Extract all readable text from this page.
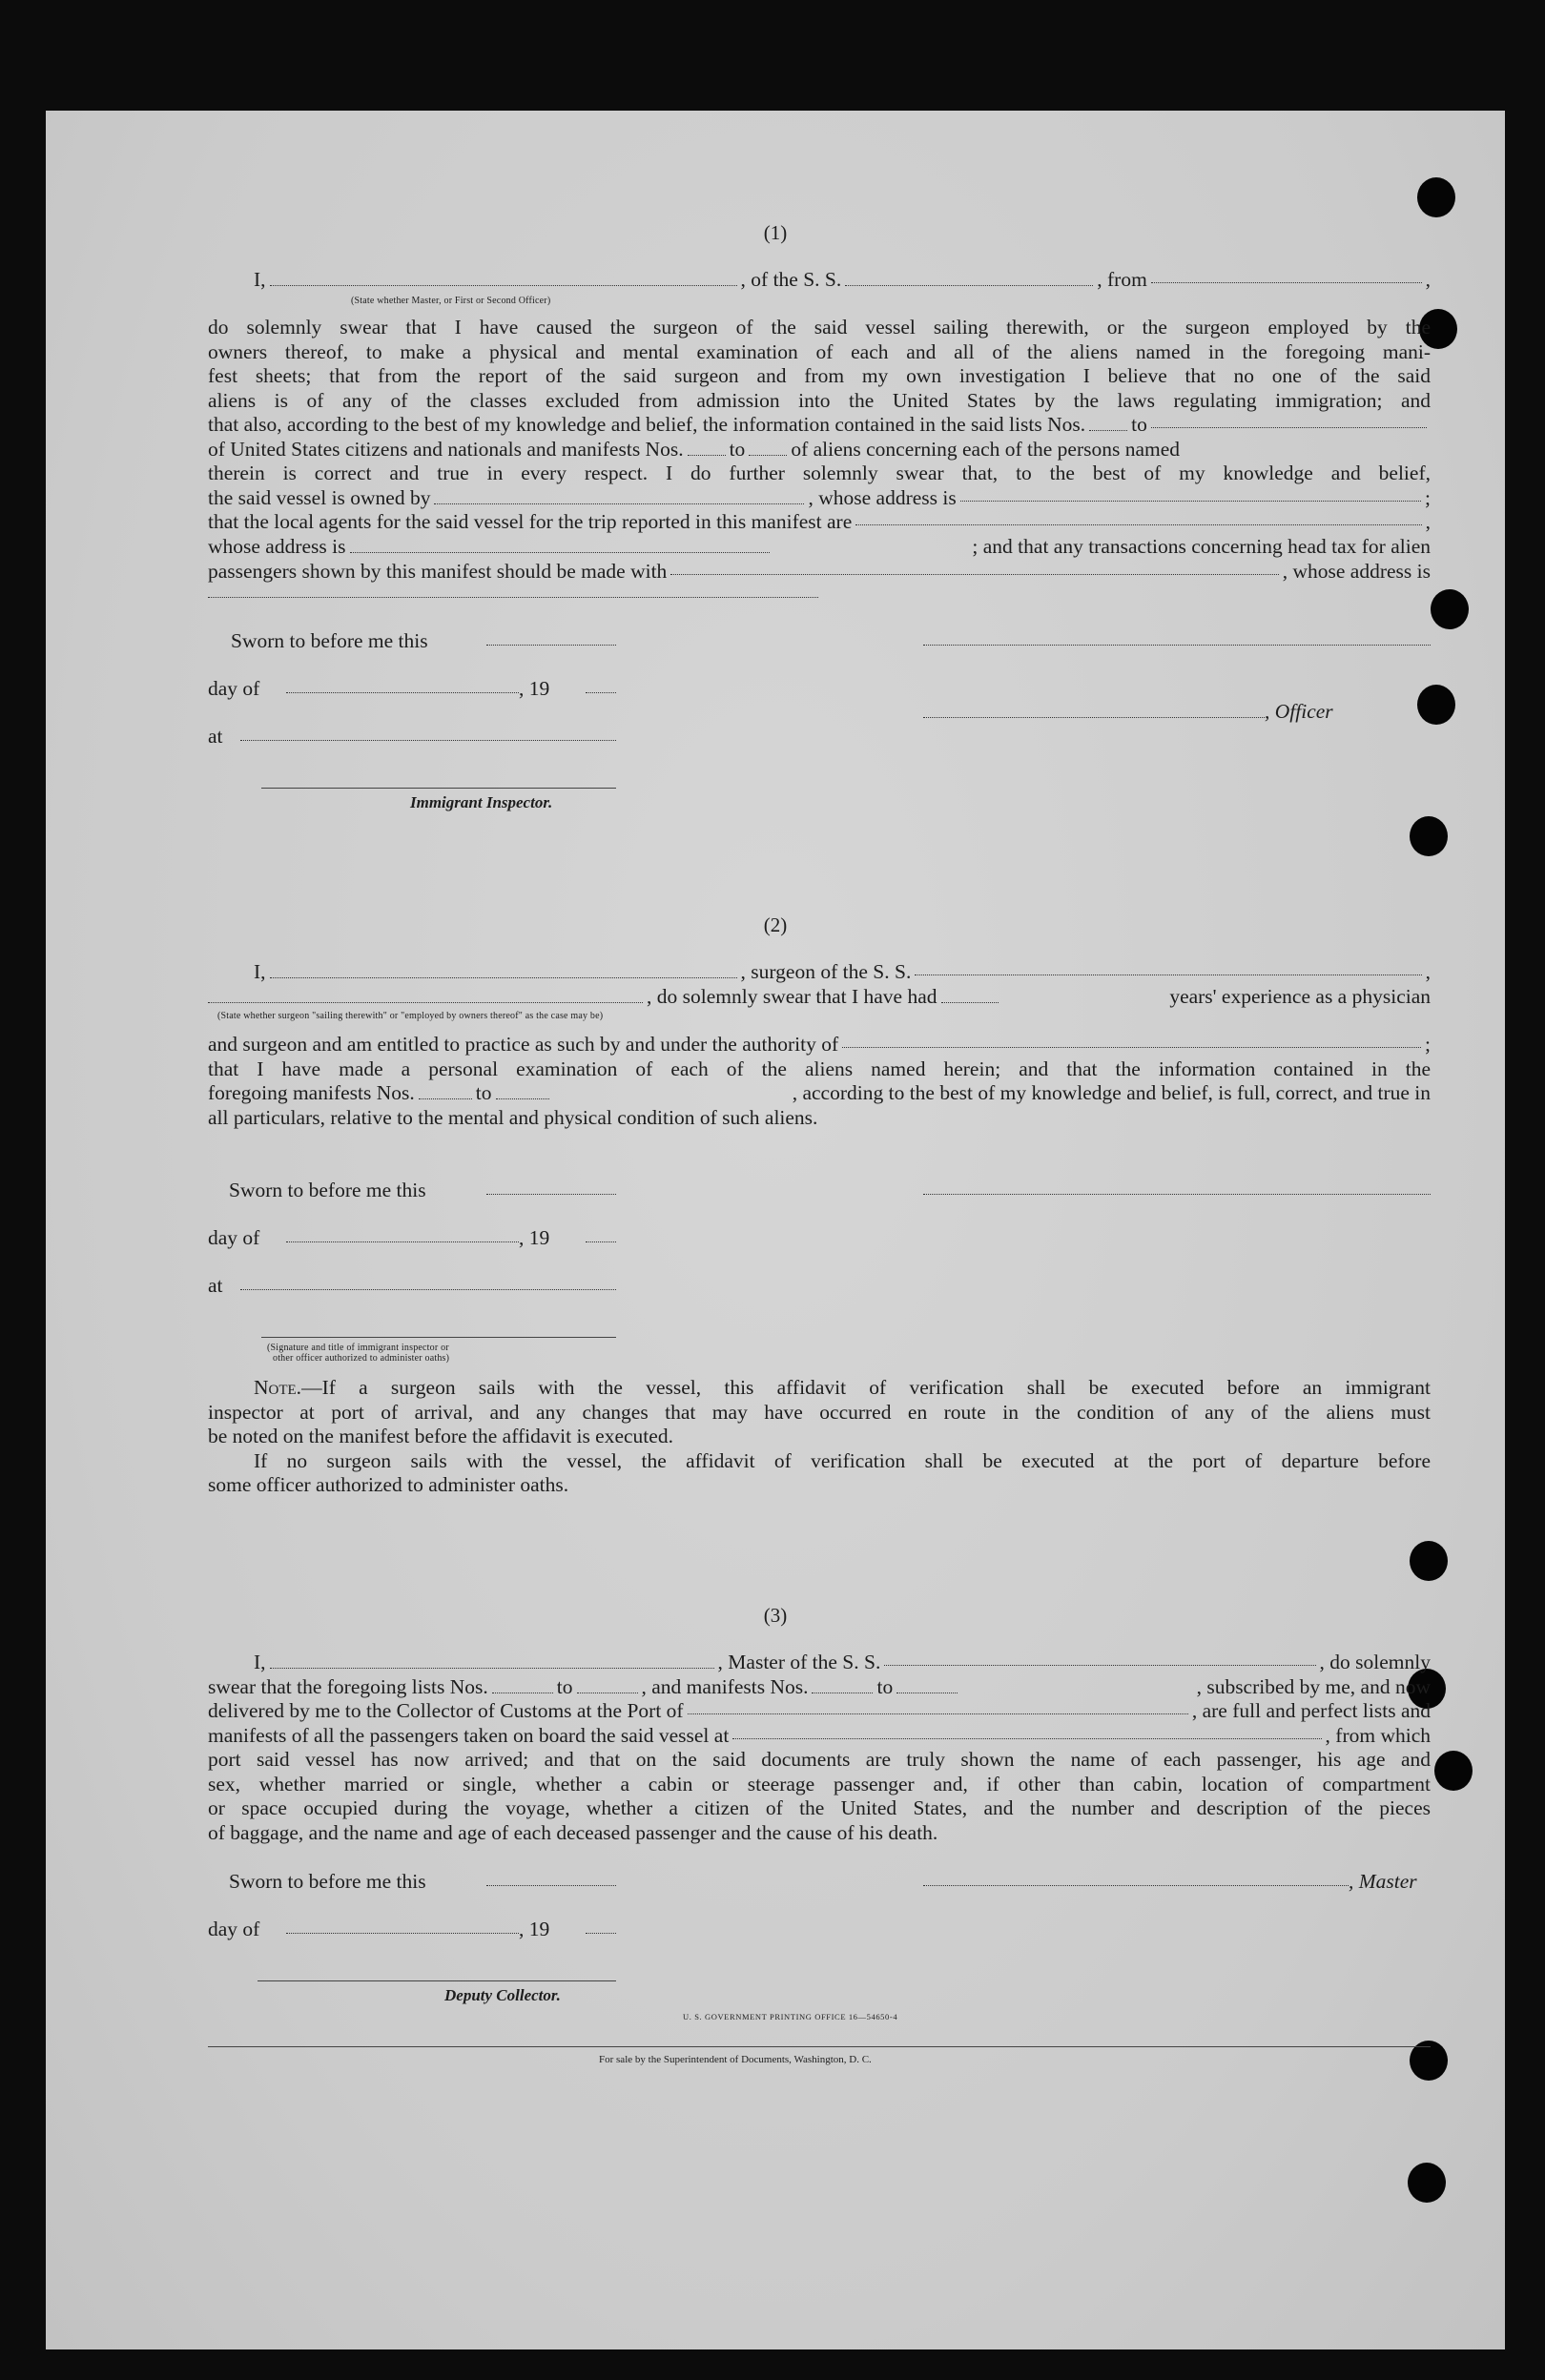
(1)
I,	, of the S. S.	, from	,
(State whether Master, or First or Second Officer)
do solemnly swear that I have caused the surgeon of the said vessel sailing therewith, or the surgeon employed by the
owners thereof, to make a physical and mental examination of each and all of the aliens named in the foregoing mani-
fest sheets; that from the report of the said surgeon and from my own investigation I believe that no one of the said
aliens is of any of the classes excluded from admission into the United States by the laws regulating immigration; and
that also, according to the best of my knowledge and belief, the information contained in the said lists Nos. to
of United States citizens and nationals and manifests Nos. to of aliens concerning each of the persons named
therein is correct and true in every respect. I do further solemnly swear that, to the best of my knowledge and belief,
the said vessel is owned by	, whose address is	;
that the local agents for the said vessel for the trip reported in this manifest are	,
whose address is	; and that any transactions concerning head tax for alien
passengers shown by this manifest should be made with	, whose address is
Sworn to before me this
day of	, 19
, Officer
at
Immigrant Inspector.
(2)
I,	, surgeon of the S. S.	,
, do solemnly swear that I have had	years' experience as a physician
(State whether surgeon "sailing therewith" or "employed by owners thereof" as the case may be)
and surgeon and am entitled to practice as such by and under the authority of	;
that I have made a personal examination of each of the aliens named herein; and that the information contained in the
foregoing manifests Nos.	to	, according to the best of my knowledge and belief, is full, correct, and true in
all particulars, relative to the mental and physical condition of such aliens.
Sworn to before me this
day of	, 19
at
(Signature and title of immigrant inspector or
other officer authorized to administer oaths)
Note.—If a surgeon sails with the vessel, this affidavit of verification shall be executed before an immigrant
inspector at port of arrival, and any changes that may have occurred en route in the condition of any of the aliens must
be noted on the manifest before the affidavit is executed.
If no surgeon sails with the vessel, the affidavit of verification shall be executed at the port of departure before
some officer authorized to administer oaths.
(3)
I,	, Master of the S. S.	, do solemnly
swear that the foregoing lists Nos.	to	, and manifests Nos.	to	, subscribed by me, and now
delivered by me to the Collector of Customs at the Port of	, are full and perfect lists and
manifests of all the passengers taken on board the said vessel at	, from which
port said vessel has now arrived; and that on the said documents are truly shown the name of each passenger, his age and
sex, whether married or single, whether a cabin or steerage passenger and, if other than cabin, location of compartment
or space occupied during the voyage, whether a citizen of the United States, and the number and description of the pieces
of baggage, and the name and age of each deceased passenger and the cause of his death.
Sworn to before me this	, Master
day of	, 19
Deputy Collector.
U. S. GOVERNMENT PRINTING OFFICE 16—54650-4
For sale by the Superintendent of Documents, Washington, D. C.
